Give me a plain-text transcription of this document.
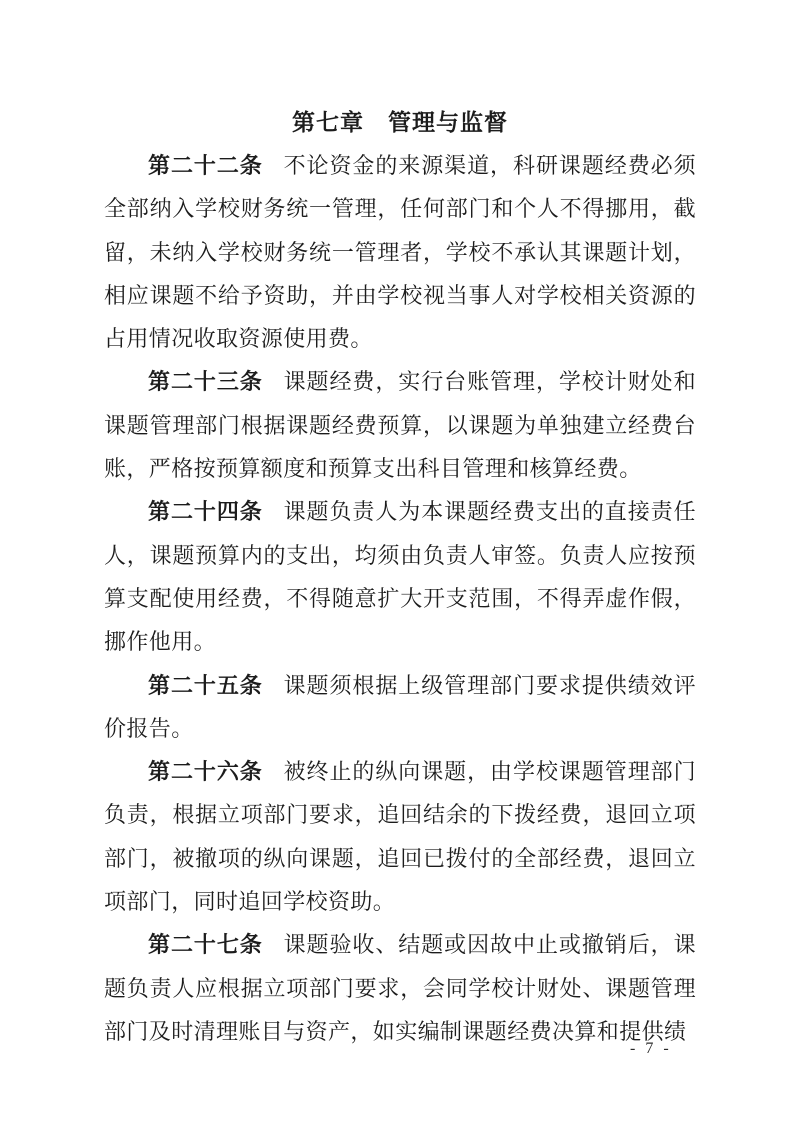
第七章　管理与监督

第二十二条 不论资金的来源渠道，科研课题经费必须全部纳入学校财务统一管理，任何部门和个人不得挪用，截留，未纳入学校财务统一管理者，学校不承认其课题计划，相应课题不给予资助，并由学校视当事人对学校相关资源的占用情况收取资源使用费。

第二十三条 课题经费，实行台账管理，学校计财处和课题管理部门根据课题经费预算，以课题为单独建立经费台账，严格按预算额度和预算支出科目管理和核算经费。

第二十四条 课题负责人为本课题经费支出的直接责任人，课题预算内的支出，均须由负责人审签。负责人应按预算支配使用经费，不得随意扩大开支范围，不得弄虚作假，挪作他用。

第二十五条 课题须根据上级管理部门要求提供绩效评价报告。

第二十六条 被终止的纵向课题，由学校课题管理部门负责，根据立项部门要求，追回结余的下拨经费，退回立项部门，被撤项的纵向课题，追回已拨付的全部经费，退回立项部门，同时追回学校资助。

第二十七条 课题验收、结题或因故中止或撤销后，课题负责人应根据立项部门要求，会同学校计财处、课题管理部门及时清理账目与资产，如实编制课题经费决算和提供绩

- 7 -
